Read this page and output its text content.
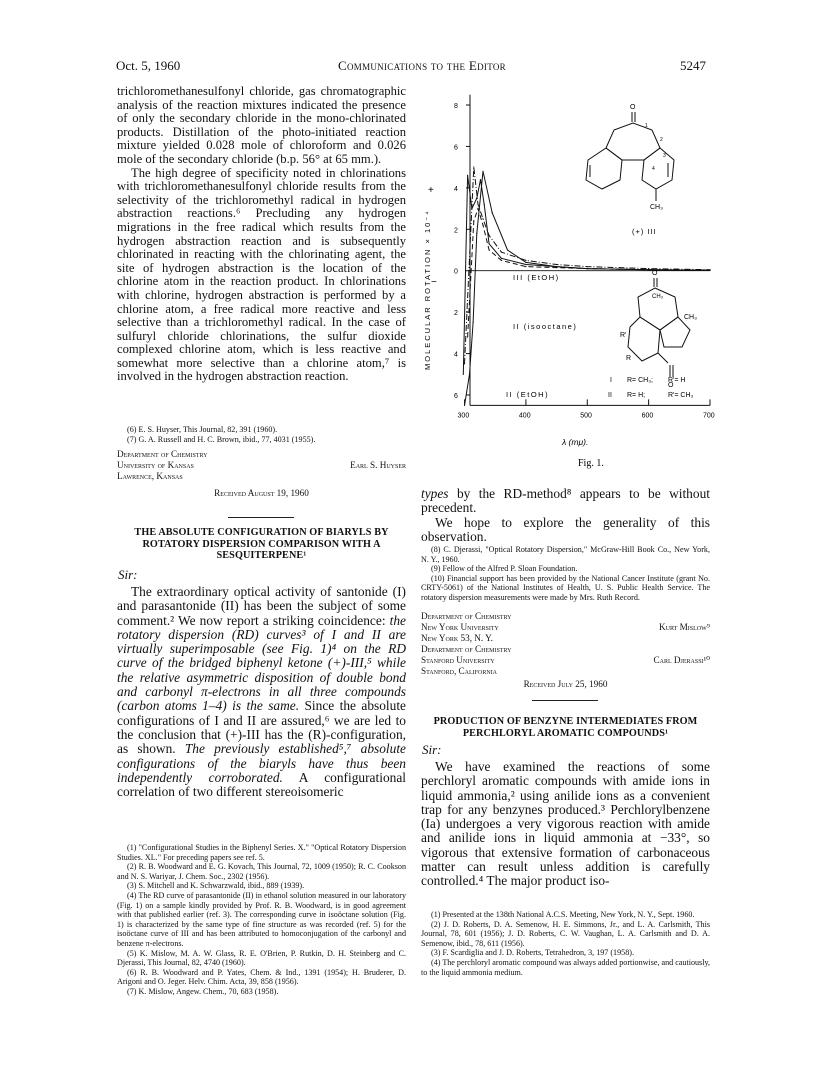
Oct. 5, 1960	Communications to the Editor	5247

trichloromethanesulfonyl chloride, gas chromatographic analysis of the reaction mixtures indicated the presence of only the secondary chloride in the mono-chlorinated products. Distillation of the photo-initiated reaction mixture yielded 0.028 mole of chloroform and 0.026 mole of the secondary chloride (b.p. 56° at 65 mm.).

The high degree of specificity noted in chlorinations with trichloromethanesulfonyl chloride results from the selectivity of the trichloromethyl radical in hydrogen abstraction reactions.⁶ Precluding any hydrogen migrations in the free radical which results from the hydrogen abstraction reaction and is subsequently chlorinated in reacting with the chlorinating agent, the site of hydrogen abstraction is the location of the chlorine atom in the reaction product. In chlorinations with chlorine, hydrogen abstraction is performed by a chlorine atom, a free radical more reactive and less selective than a trichloromethyl radical. In the case of sulfuryl chloride chlorinations, the sulfur dioxide complexed chlorine atom, which is less reactive and somewhat more selective than a chlorine atom,⁷ is involved in the hydrogen abstraction reaction.

(6) E. S. Huyser, This Journal, 82, 391 (1960).

(7) G. A. Russell and H. C. Brown, ibid., 77, 4031 (1955).

Department of Chemistry
University of Kansas	Earl S. Huyser
Lawrence, Kansas
Received August 19, 1960
THE ABSOLUTE CONFIGURATION OF BIARYLS BY
ROTATORY DISPERSION COMPARISON WITH A
SESQUITERPENE¹
Sir:

The extraordinary optical activity of santonide (I) and parasantonide (II) has been the subject of some comment.² We now report a striking coincidence: the rotatory dispersion (RD) curves³ of I and II are virtually superimposable (see Fig. 1)⁴ on the RD curve of the bridged biphenyl ketone (+)-III,⁵ while the relative asymmetric disposition of double bond and carbonyl π-electrons in all three compounds (carbon atoms 1–4) is the same. Since the absolute configurations of I and II are assured,⁶ we are led to the conclusion that (+)-III has the (R)-configuration, as shown. The previously established⁵,⁷ absolute configurations of the biaryls have thus been independently corroborated. A configurational correlation of two different stereoisomeric

(1) "Configurational Studies in the Biphenyl Series. X." "Optical Rotatory Dispersion Studies. XL." For preceding papers see ref. 5.

(2) R. B. Woodward and E. G. Kovach, This Journal, 72, 1009 (1950); R. C. Cookson and N. S. Wariyar, J. Chem. Soc., 2302 (1956).

(3) S. Mitchell and K. Schwarzwald, ibid., 889 (1939).

(4) The RD curve of parasantonide (II) in ethanol solution measured in our laboratory (Fig. 1) on a sample kindly provided by Prof. R. B. Woodward, is in good agreement with that published earlier (ref. 3). The corresponding curve in isoöctane solution (Fig. 1) is characterized by the same type of fine structure as was recorded (ref. 5) for the isoöctane curve of III and has been attributed to homoconjugation of the carbonyl and benzene π-electrons.

(5) K. Mislow, M. A. W. Glass, R. E. O'Brien, P. Rutkin, D. H. Steinberg and C. Djerassi, This Journal, 82, 4740 (1960).

(6) R. B. Woodward and P. Yates, Chem. & Ind., 1391 (1954); H. Bruderer, D. Arigoni and O. Jeger. Helv. Chim. Acta, 39, 858 (1956).

(7) K. Mislow, Angew. Chem., 70, 683 (1958).

MOLECULAR ROTATION × 10⁻⁴
+
−
8
6
4
2
0
2
4
6
300	400	500	600	700
λ (mμ).
Fig. 1.
(+) III
III (EtOH)
II (isooctane)
II (EtOH)
O
1
2
3
4
CH₃
O
CH₃
CH₃
R'
R
O
I R= CH₃; R'= H
II R= H;	R'= CH₃

types by the RD-method⁸ appears to be without precedent.

We hope to explore the generality of this observation.

(8) C. Djerassi, "Optical Rotatory Dispersion," McGraw-Hill Book Co., New York, N. Y., 1960.

(9) Fellow of the Alfred P. Sloan Foundation.

(10) Financial support has been provided by the National Cancer Institute (grant No. CRTY-5061) of the National Institutes of Health, U. S. Public Health Service. The rotatory dispersion measurements were made by Mrs. Ruth Record.

Department of Chemistry
New York University	Kurt Mislow⁹
New York 53, N. Y.
Department of Chemistry
Stanford University	Carl Djerassi¹⁰
Stanford, California
Received July 25, 1960
PRODUCTION OF BENZYNE INTERMEDIATES FROM
PERCHLORYL AROMATIC COMPOUNDS¹
Sir:

We have examined the reactions of some perchloryl aromatic compounds with amide ions in liquid ammonia,² using anilide ions as a convenient trap for any benzynes produced.³ Perchlorylbenzene (Ia) undergoes a very vigorous reaction with amide and anilide ions in liquid ammonia at −33°, so vigorous that extensive formation of carbonaceous matter can result unless addition is carefully controlled.⁴ The major product iso-

(1) Presented at the 138th National A.C.S. Meeting, New York, N. Y., Sept. 1960.

(2) J. D. Roberts, D. A. Semenow, H. E. Simmons, Jr., and L. A. Carlsmith, This Journal, 78, 601 (1956); J. D. Roberts, C. W. Vaughan, L. A. Carlsmith and D. A. Semenow, ibid., 78, 611 (1956).

(3) F. Scardiglia and J. D. Roberts, Tetrahedron, 3, 197 (1958).

(4) The perchloryl aromatic compound was always added portionwise, and cautiously, to the liquid ammonia medium.
